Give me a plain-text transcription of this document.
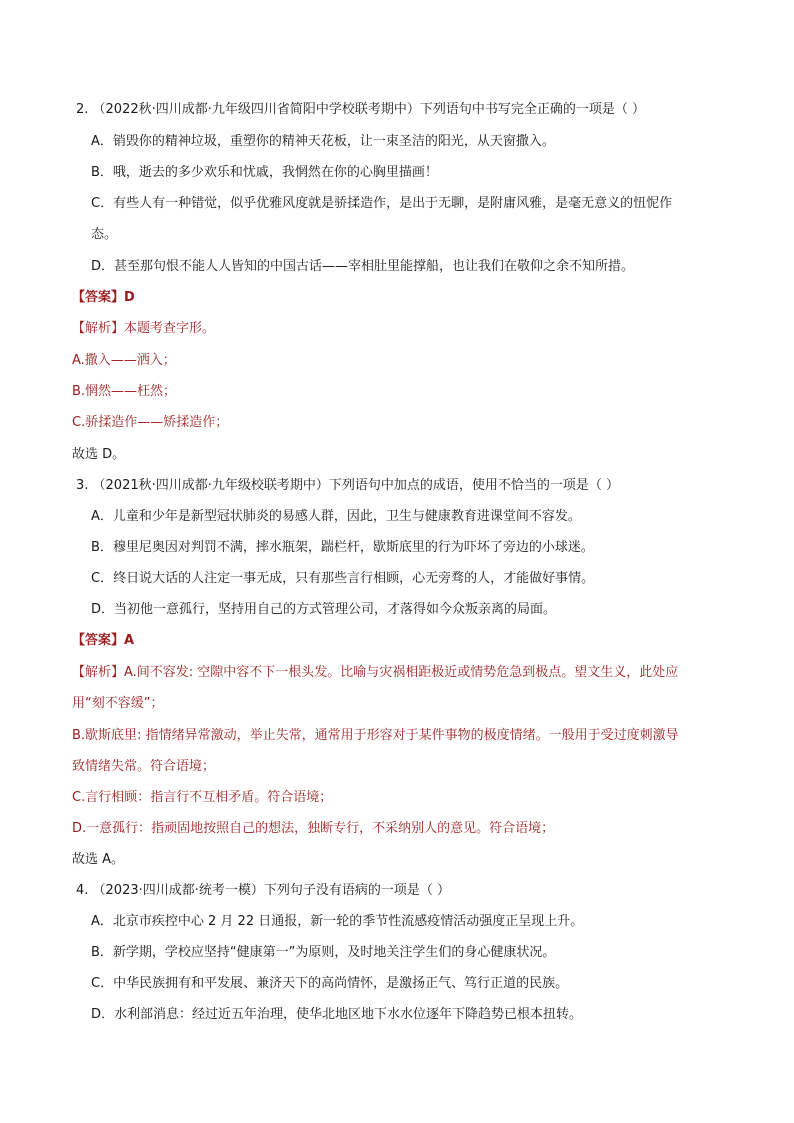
2. （2022秋·四川成都·九年级四川省简阳中学校联考期中）下列语句中书写完全正确的一项是（ ）
A．销毁你的精神垃圾，重塑你的精神天花板，让一束圣洁的阳光，从天窗撒入。
B．哦，逝去的多少欢乐和忧戚，我惘然在你的心胸里描画！
C．有些人有一种错觉，似乎优雅风度就是骄揉造作，是出于无聊，是附庸风雅，是毫无意义的忸怩作
态。
D．甚至那句恨不能人人皆知的中国古话——宰相肚里能撑船，也让我们在敬仰之余不知所措。
【答案】D
【解析】本题考查字形。
A.撒入——洒入；
B.惘然——枉然；
C.骄揉造作——矫揉造作；
故选 D。
3. （2021秋·四川成都·九年级校联考期中）下列语句中加点的成语，使用不恰当的一项是（ ）
A．儿童和少年是新型冠状肺炎的易感人群，因此，卫生与健康教育进课堂间不容发。
B．穆里尼奥因对判罚不满，摔水瓶架，踹栏杆，歇斯底里的行为吓坏了旁边的小球迷。
C．终日说大话的人注定一事无成，只有那些言行相顾，心无旁骛的人，才能做好事情。
D．当初他一意孤行，坚持用自己的方式管理公司，才落得如今众叛亲离的局面。
【答案】A
【解析】A.间不容发: 空隙中容不下一根头发。比喻与灾祸相距极近或情势危急到极点。望文生义，此处应
用“刻不容缓”；
B.歇斯底里: 指情绪异常激动，举止失常，通常用于形容对于某件事物的极度情绪。一般用于受过度刺激导
致情绪失常。符合语境；
C.言行相顾：指言行不互相矛盾。符合语境；
D.一意孤行：指顽固地按照自己的想法，独断专行，不采纳别人的意见。符合语境；
故选 A。
4. （2023·四川成都·统考一模）下列句子没有语病的一项是（ ）
A．北京市疾控中心 2 月 22 日通报，新一轮的季节性流感疫情活动强度正呈现上升。
B．新学期，学校应坚持“健康第一”为原则，及时地关注学生们的身心健康状况。
C．中华民族拥有和平发展、兼济天下的高尚情怀，是激扬正气、笃行正道的民族。
D．水利部消息：经过近五年治理，使华北地区地下水水位逐年下降趋势已根本扭转。
